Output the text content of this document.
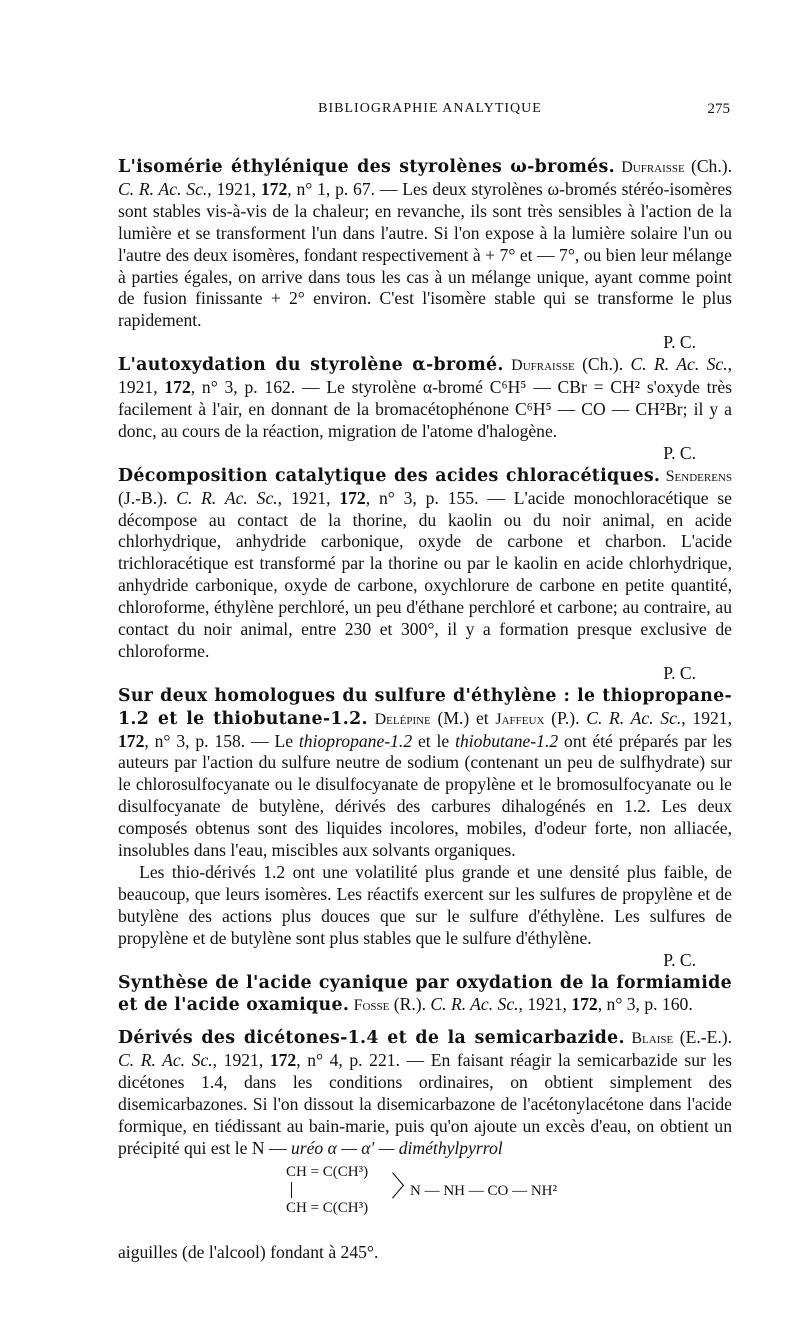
BIBLIOGRAPHIE ANALYTIQUE	275

L'isomérie éthylénique des styrolènes ω-bromés. Dufraisse (Ch.). C. R. Ac. Sc., 1921, 172, n° 1, p. 67. — Les deux styrolènes ω-bromés stéréo-isomères sont stables vis-à-vis de la chaleur; en revanche, ils sont très sensibles à l'action de la lumière et se transforment l'un dans l'autre. Si l'on expose à la lumière solaire l'un ou l'autre des deux isomères, fondant respectivement à + 7° et — 7°, ou bien leur mélange à parties égales, on arrive dans tous les cas à un mélange unique, ayant comme point de fusion finissante + 2° environ. C'est l'isomère stable qui se transforme le plus rapidement.

P. C.

L'autoxydation du styrolène α-bromé. Dufraisse (Ch.). C. R. Ac. Sc., 1921, 172, n° 3, p. 162. — Le styrolène α-bromé C⁶H⁵ — CBr = CH² s'oxyde très facilement à l'air, en donnant de la bromacétophénone C⁶H⁵ — CO — CH²Br; il y a donc, au cours de la réaction, migration de l'atome d'halogène.

P. C.

Décomposition catalytique des acides chloracétiques. Senderens (J.-B.). C. R. Ac. Sc., 1921, 172, n° 3, p. 155. — L'acide monochloracétique se décompose au contact de la thorine, du kaolin ou du noir animal, en acide chlorhydrique, anhydride carbonique, oxyde de carbone et charbon. L'acide trichloracétique est transformé par la thorine ou par le kaolin en acide chlorhydrique, anhydride carbonique, oxyde de carbone, oxychlorure de carbone en petite quantité, chloroforme, éthylène perchloré, un peu d'éthane perchloré et carbone; au contraire, au contact du noir animal, entre 230 et 300°, il y a formation presque exclusive de chloroforme.

P. C.

Sur deux homologues du sulfure d'éthylène : le thiopropane-1.2 et le thiobutane-1.2. Delépine (M.) et Jaffeux (P.). C. R. Ac. Sc., 1921, 172, n° 3, p. 158. — Le thiopropane-1.2 et le thiobutane-1.2 ont été préparés par les auteurs par l'action du sulfure neutre de sodium (contenant un peu de sulfhydrate) sur le chlorosulfocyanate ou le disulfocyanate de propylène et le bromosulfocyanate ou le disulfocyanate de butylène, dérivés des carbures dihalogénés en 1.2. Les deux composés obtenus sont des liquides incolores, mobiles, d'odeur forte, non alliacée, insolubles dans l'eau, miscibles aux solvants organiques.

Les thio-dérivés 1.2 ont une volatilité plus grande et une densité plus faible, de beaucoup, que leurs isomères. Les réactifs exercent sur les sulfures de propylène et de butylène des actions plus douces que sur le sulfure d'éthylène. Les sulfures de propylène et de butylène sont plus stables que le sulfure d'éthylène.

P. C.

Synthèse de l'acide cyanique par oxydation de la formiamide et de l'acide oxamique. Fosse (R.). C. R. Ac. Sc., 1921, 172, n° 3, p. 160.

Dérivés des dicétones-1.4 et de la semicarbazide. Blaise (E.-E.). C. R. Ac. Sc., 1921, 172, n° 4, p. 221. — En faisant réagir la semicarbazide sur les dicétones 1.4, dans les conditions ordinaires, on obtient simplement des disemicarbazones. Si l'on dissout la disemicarbazone de l'acétonylacétone dans l'acide formique, en tiédissant au bain-marie, puis qu'on ajoute un excès d'eau, on obtient un précipité qui est le N — uréo α — α' — diméthylpyrrol

CH = C(CH³)
CH = C(CH³)
〉
N — NH — CO — NH²

aiguilles (de l'alcool) fondant à 245°.
